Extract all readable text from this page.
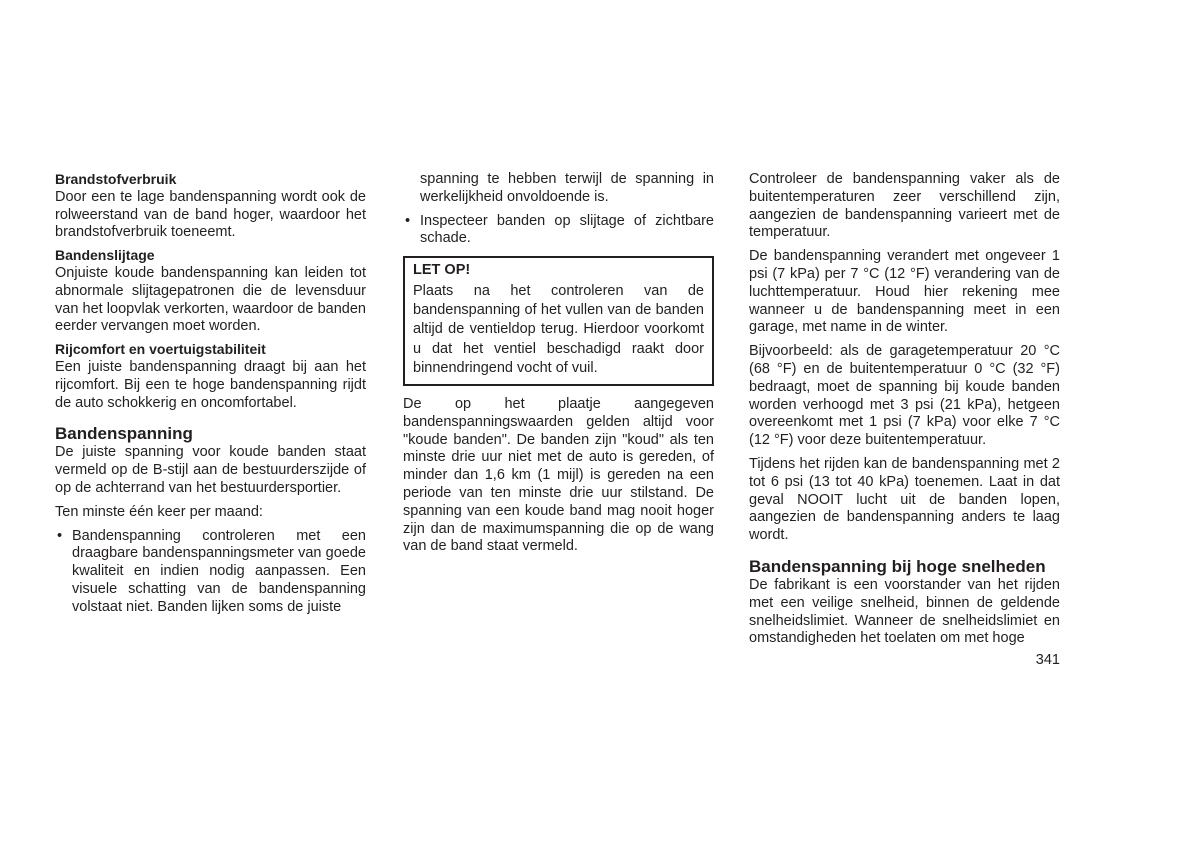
Brandstofverbruik
Door een te lage bandenspanning wordt ook de rolweerstand van de band hoger, waardoor het brandstofverbruik toeneemt.
Bandenslijtage
Onjuiste koude bandenspanning kan leiden tot abnormale slijtagepatronen die de levensduur van het loopvlak verkorten, waardoor de banden eerder vervangen moet worden.
Rijcomfort en voertuigstabiliteit
Een juiste bandenspanning draagt bij aan het rijcomfort. Bij een te hoge bandenspanning rijdt de auto schokkerig en oncomfortabel.
Bandenspanning
De juiste spanning voor koude banden staat vermeld op de B-stijl aan de bestuurderszijde of op de achterrand van het bestuurdersportier.
Ten minste één keer per maand:
• Bandenspanning controleren met een draagbare bandenspanningsmeter van goede kwaliteit en indien nodig aanpassen. Een visuele schatting van de bandenspanning volstaat niet. Banden lijken soms de juiste
spanning te hebben terwijl de spanning in werkelijkheid onvoldoende is.
• Inspecteer banden op slijtage of zichtbare schade.
LET OP!
Plaats na het controleren van de bandenspanning of het vullen van de banden altijd de ventieldop terug. Hierdoor voorkomt u dat het ventiel beschadigd raakt door binnendringend vocht of vuil.
De op het plaatje aangegeven bandenspanningswaarden gelden altijd voor "koude banden". De banden zijn "koud" als ten minste drie uur niet met de auto is gereden, of minder dan 1,6 km (1 mijl) is gereden na een periode van ten minste drie uur stilstand. De spanning van een koude band mag nooit hoger zijn dan de maximumspanning die op de wang van de band staat vermeld.
Controleer de bandenspanning vaker als de buitentemperaturen zeer verschillend zijn, aangezien de bandenspanning varieert met de temperatuur.
De bandenspanning verandert met ongeveer 1 psi (7 kPa) per 7 °C (12 °F) verandering van de luchttemperatuur. Houd hier rekening mee wanneer u de bandenspanning meet in een garage, met name in de winter.
Bijvoorbeeld: als de garagetemperatuur 20 °C (68 °F) en de buitentemperatuur 0 °C (32 °F) bedraagt, moet de spanning bij koude banden worden verhoogd met 3 psi (21 kPa), hetgeen overeenkomt met 1 psi (7 kPa) voor elke 7 °C (12 °F) voor deze buitentemperatuur.
Tijdens het rijden kan de bandenspanning met 2 tot 6 psi (13 tot 40 kPa) toenemen. Laat in dat geval NOOIT lucht uit de banden lopen, aangezien de bandenspanning anders te laag wordt.
Bandenspanning bij hoge snelheden
De fabrikant is een voorstander van het rijden met een veilige snelheid, binnen de geldende snelheidslimiet. Wanneer de snelheidslimiet en omstandigheden het toelaten om met hoge
341
